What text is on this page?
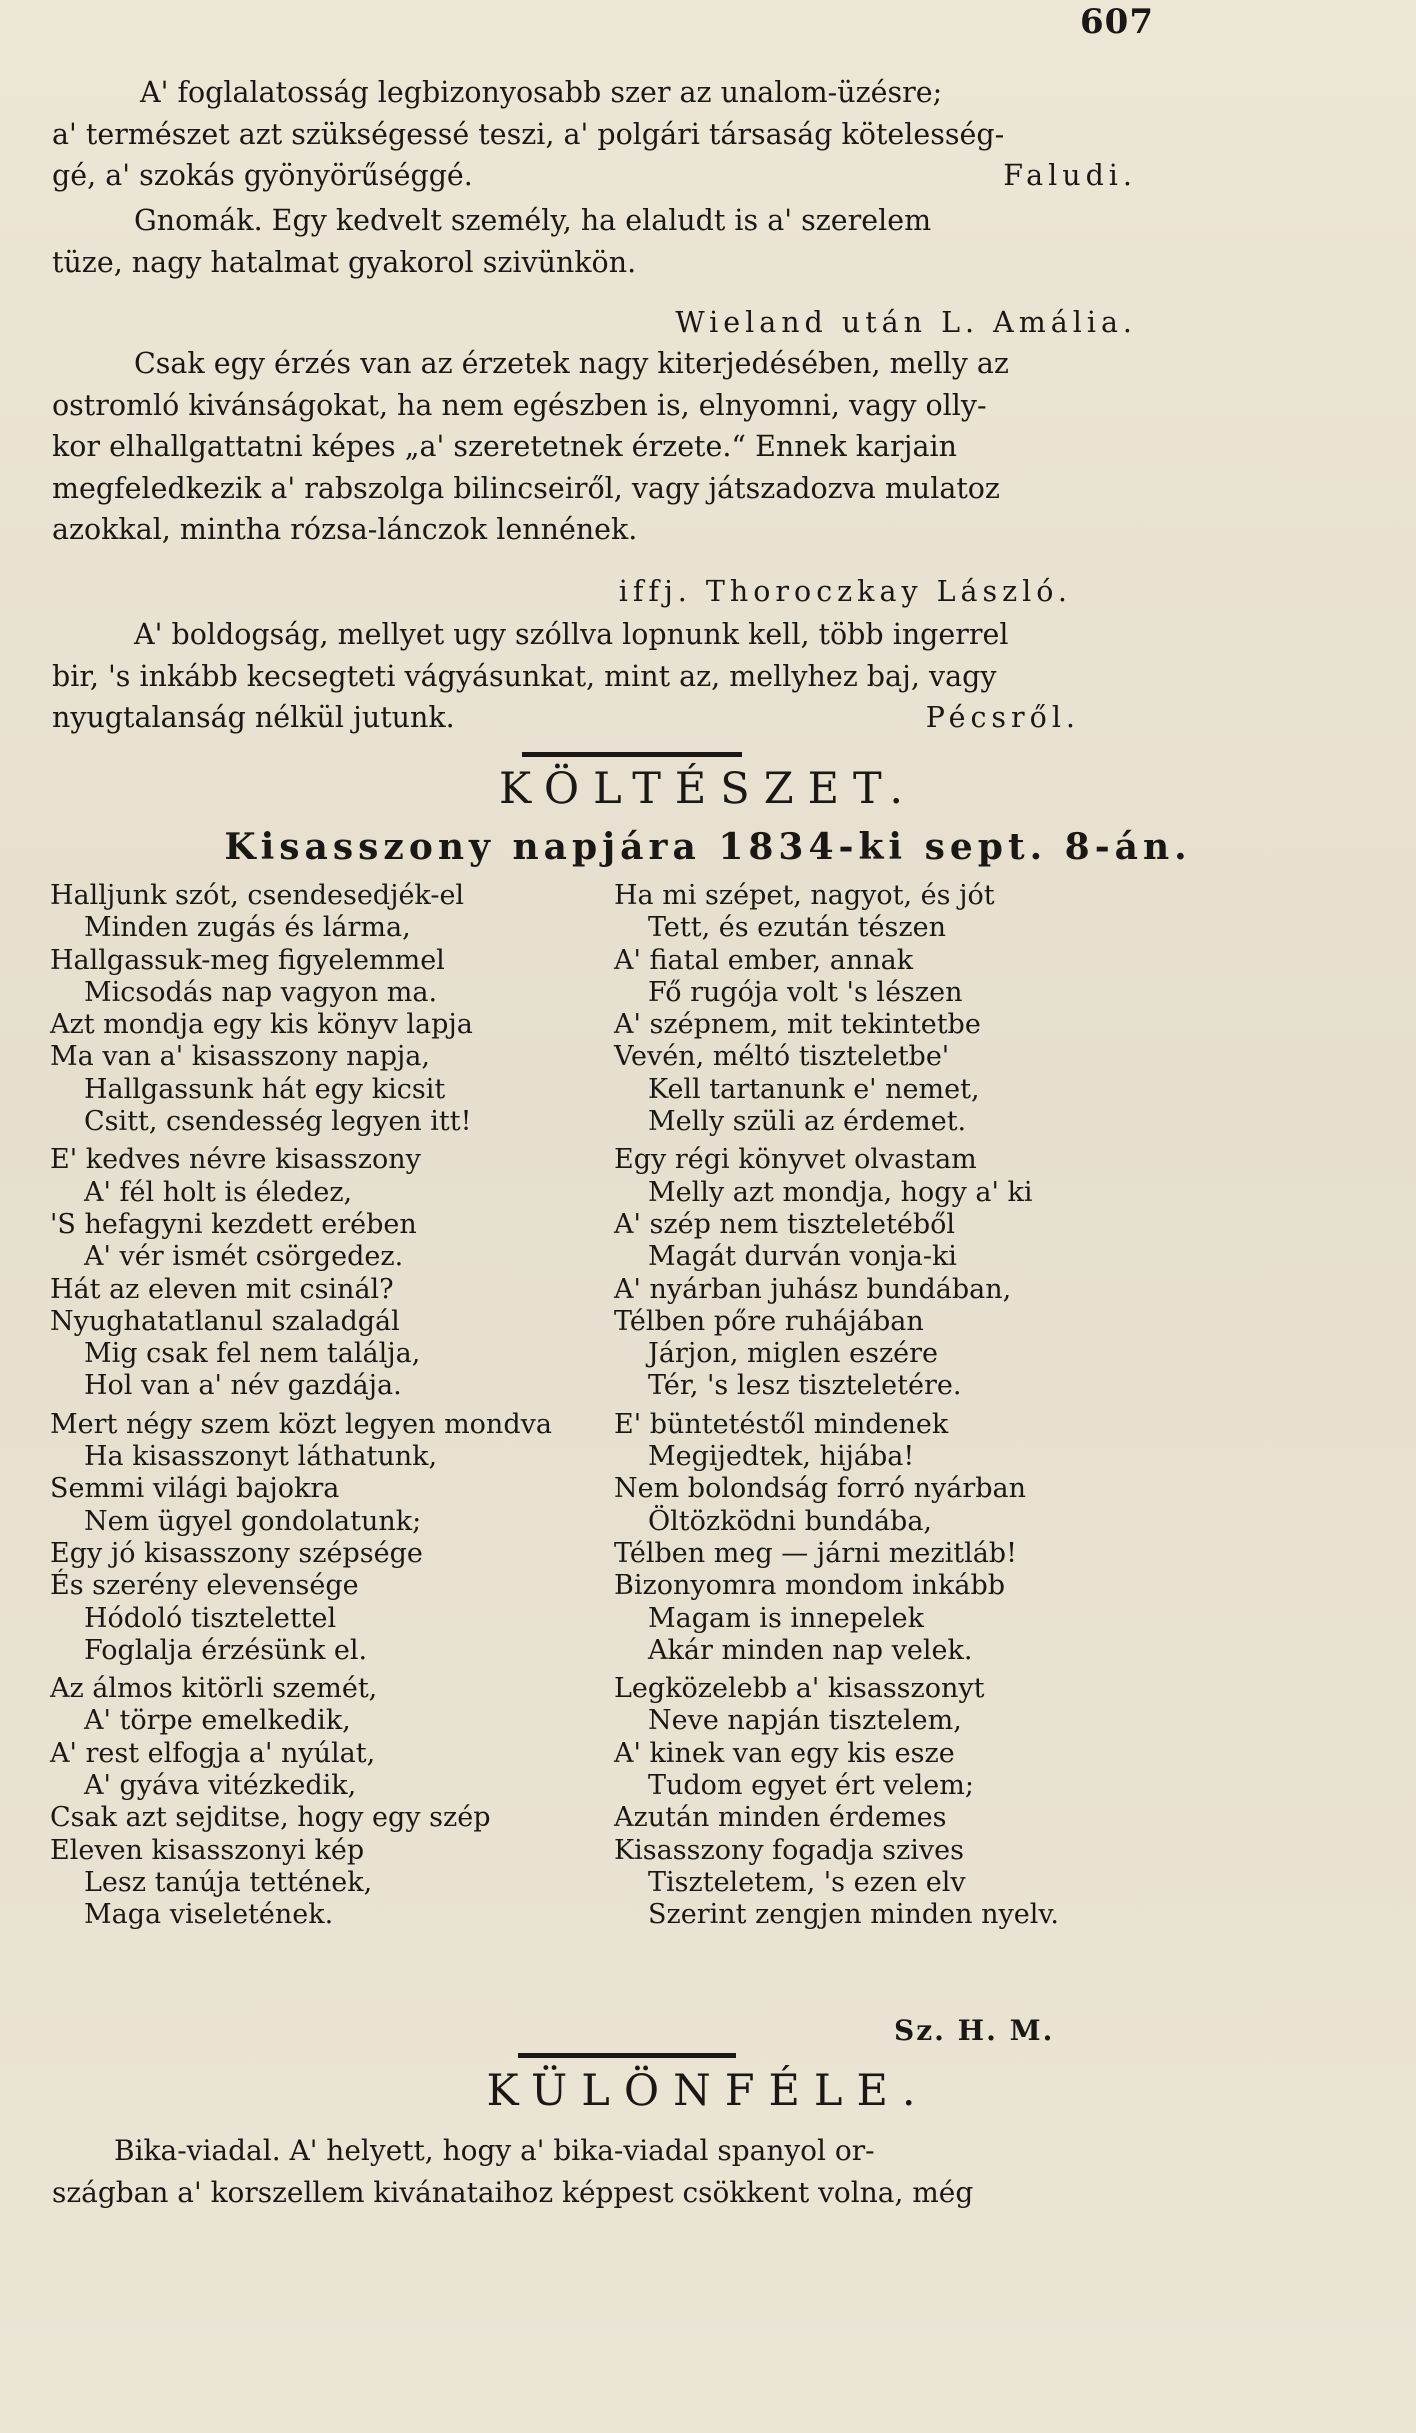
607
A' foglalatosság legbizonyosabb szer az unalom-üzésre;
a' természet azt szükségessé teszi, a' polgári társaság kötelesség-
gé, a' szokás gyönyörűséggé.	Faludi.
Gnomák. Egy kedvelt személy, ha elaludt is a' szerelem
tüze, nagy hatalmat gyakorol szivünkön.
Wieland után L. Amália.
Csak egy érzés van az érzetek nagy kiterjedésében, melly az
ostromló kivánságokat, ha nem egészben is, elnyomni, vagy olly-
kor elhallgattatni képes „a' szeretetnek érzete.“ Ennek karjain
megfeledkezik a' rabszolga bilincseiről, vagy játszadozva mulatoz
azokkal, mintha rózsa-lánczok lennének.
iffj. Thoroczkay László.
A' boldogság, mellyet ugy szóllva lopnunk kell, több ingerrel
bir, 's inkább kecsegteti vágyásunkat, mint az, mellyhez baj, vagy
nyugtalanság nélkül jutunk.	Pécsről.
KÖLTÉSZET.
Kisasszony napjára 1834-ki sept. 8-án.
Halljunk szót, csendesedjék-el
Minden zugás és lárma,
Hallgassuk-meg figyelemmel
Micsodás nap vagyon ma.
Azt mondja egy kis könyv lapja
Ma van a' kisasszony napja,
Hallgassunk hát egy kicsit
Csitt, csendesség legyen itt!
E' kedves névre kisasszony
A' fél holt is éledez,
'S hefagyni kezdett erében
A' vér ismét csörgedez.
Hát az eleven mit csinál?
Nyughatatlanul szaladgál
Mig csak fel nem találja,
Hol van a' név gazdája.
Mert négy szem közt legyen mondva
Ha kisasszonyt láthatunk,
Semmi világi bajokra
Nem ügyel gondolatunk;
Egy jó kisasszony szépsége
És szerény elevensége
Hódoló tisztelettel
Foglalja érzésünk el.
Az álmos kitörli szemét,
A' törpe emelkedik,
A' rest elfogja a' nyúlat,
A' gyáva vitézkedik,
Csak azt sejditse, hogy egy szép
Eleven kisasszonyi kép
Lesz tanúja tettének,
Maga viseletének.
Ha mi szépet, nagyot, és jót
Tett, és ezután tészen
A' fiatal ember, annak
Fő rugója volt 's lészen
A' szépnem, mit tekintetbe
Vevén, méltó tiszteletbe'
Kell tartanunk e' nemet,
Melly szüli az érdemet.
Egy régi könyvet olvastam
Melly azt mondja, hogy a' ki
A' szép nem tiszteletéből
Magát durván vonja-ki
A' nyárban juhász bundában,
Télben pőre ruhájában
Járjon, miglen eszére
Tér, 's lesz tiszteletére.
E' büntetéstől mindenek
Megijedtek, hijába!
Nem bolondság forró nyárban
Öltözködni bundába,
Télben meg — járni mezitláb!
Bizonyomra mondom inkább
Magam is innepelek
Akár minden nap velek.
Legközelebb a' kisasszonyt
Neve napján tisztelem,
A' kinek van egy kis esze
Tudom egyet ért velem;
Azután minden érdemes
Kisasszony fogadja szives
Tiszteletem, 's ezen elv
Szerint zengjen minden nyelv.
Sz. H. M.
KÜLÖNFÉLE.
Bika-viadal. A' helyett, hogy a' bika-viadal spanyol or-
szágban a' korszellem kivánataihoz képpest csökkent volna, még
